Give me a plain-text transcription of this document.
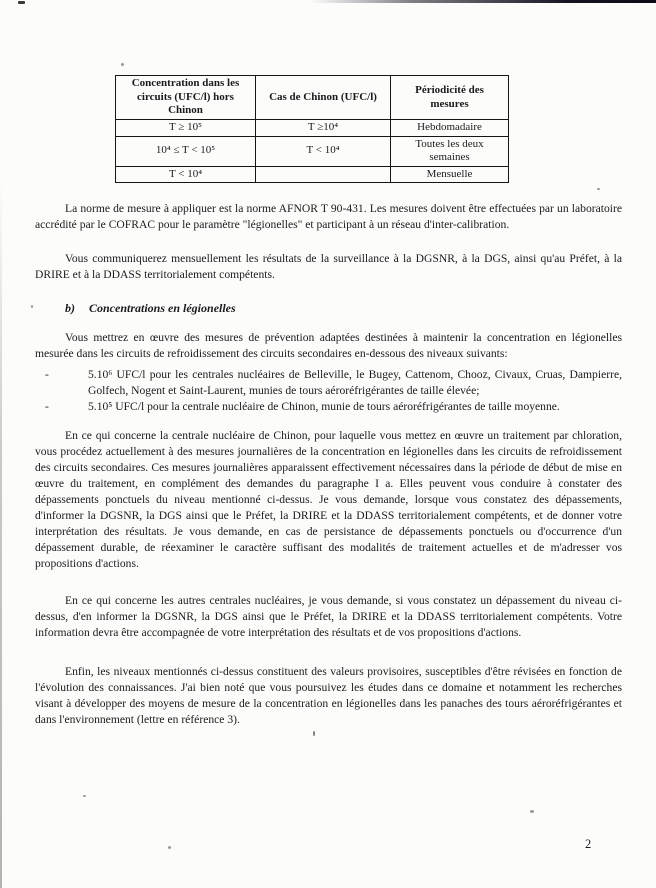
Concentration dans les circuits (UFC/l) hors Chinon	Cas de Chinon (UFC/l)	Périodicité des mesures
T ≥ 10⁵	T ≥10⁴	Hebdomadaire
10⁴ ≤ T < 10⁵	T < 10⁴	Toutes les deux semaines
T < 10⁴		Mensuelle

La norme de mesure à appliquer est la norme AFNOR T 90-431. Les mesures doivent être effectuées par un laboratoire accrédité par le COFRAC pour le paramètre "légionelles" et participant à un réseau d'inter-calibration.

Vous communiquerez mensuellement les résultats de la surveillance à la DGSNR, à la DGS, ainsi qu'au Préfet, à la DRIRE et à la DDASS territorialement compétents.

b) Concentrations en légionelles

Vous mettrez en œuvre des mesures de prévention adaptées destinées à maintenir la concentration en légionelles mesurée dans les circuits de refroidissement des circuits secondaires en-dessous des niveaux suivants:

-	5.10⁶ UFC/l pour les centrales nucléaires de Belleville, le Bugey, Cattenom, Chooz, Civaux, Cruas, Dampierre, Golfech, Nogent et Saint-Laurent, munies de tours aéroréfrigérantes de taille élevée;
-	5.10⁵ UFC/l pour la centrale nucléaire de Chinon, munie de tours aéroréfrigérantes de taille moyenne.

En ce qui concerne la centrale nucléaire de Chinon, pour laquelle vous mettez en œuvre un traitement par chloration, vous procédez actuellement à des mesures journalières de la concentration en légionelles dans les circuits de refroidissement des circuits secondaires. Ces mesures journalières apparaissent effectivement nécessaires dans la période de début de mise en œuvre du traitement, en complément des demandes du paragraphe I a. Elles peuvent vous conduire à constater des dépassements ponctuels du niveau mentionné ci-dessus. Je vous demande, lorsque vous constatez des dépassements, d'informer la DGSNR, la DGS ainsi que le Préfet, la DRIRE et la DDASS territorialement compétents, et de donner votre interprétation des résultats. Je vous demande, en cas de persistance de dépassements ponctuels ou d'occurrence d'un dépassement durable, de réexaminer le caractère suffisant des modalités de traitement actuelles et de m'adresser vos propositions d'actions.

En ce qui concerne les autres centrales nucléaires, je vous demande, si vous constatez un dépassement du niveau ci-dessus, d'en informer la DGSNR, la DGS ainsi que le Préfet, la DRIRE et la DDASS territorialement compétents. Votre information devra être accompagnée de votre interprétation des résultats et de vos propositions d'actions.

Enfin, les niveaux mentionnés ci-dessus constituent des valeurs provisoires, susceptibles d'être révisées en fonction de l'évolution des connaissances. J'ai bien noté que vous poursuivez les études dans ce domaine et notamment les recherches visant à développer des moyens de mesure de la concentration en légionelles dans les panaches des tours aéroréfrigérantes et dans l'environnement (lettre en référence 3).

2
